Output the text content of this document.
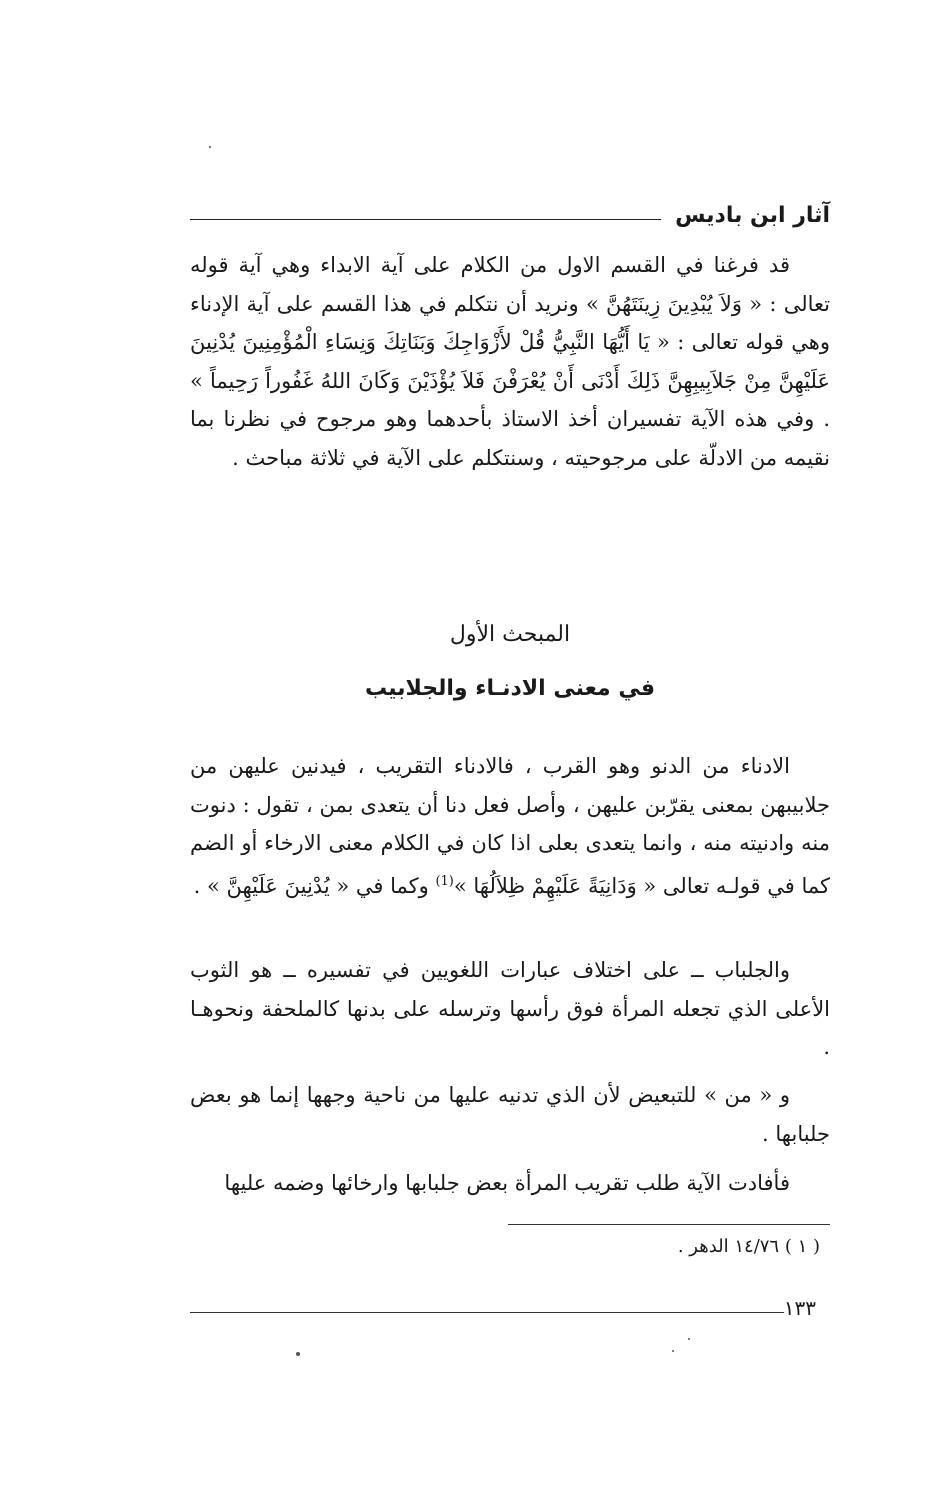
آثار ابن باديس

قد فرغنا في القسم الاول من الكلام على آية الابداء وهي آية قوله تعالى : « وَلاَ يُبْدِينَ زِينَتَهُنَّ » ونريد أن نتكلم في هذا القسم على آية الإدناء وهي قوله تعالى : « يَا أَيُّهَا النَّبِيُّ قُلْ لأَزْوَاجِكَ وَبَنَاتِكَ وَنِسَاءِ الْمُؤْمِنِينَ يُدْنِينَ عَلَيْهِنَّ مِنْ جَلاَبِيبِهِنَّ ذَلِكَ أَدْنَى أَنْ يُعْرَفْنَ فَلاَ يُؤْذَيْنَ وَكَانَ اللهُ غَفُوراً رَحِيماً » . وفي هذه الآية تفسيران أخذ الاستاذ بأحدهما وهو مرجوح في نظرنا بما نقيمه من الادلّة على مرجوحيته ، وسنتكلم على الآية في ثلاثة مباحث .

المبحث الأول
في معنى الادنـاء والجلابيب

الادناء من الدنو وهو القرب ، فالادناء التقريب ، فيدنين عليهن من جلابيبهن بمعنى يقرّبن عليهن ، وأصل فعل دنا أن يتعدى بمن ، تقول : دنوت منه وادنيته منه ، وانما يتعدى بعلى اذا كان في الكلام معنى الارخاء أو الضم كما في قولـه تعالى « وَدَانِيَةً عَلَيْهِمْ ظِلاَلُهَا »$^{(1)}$ وكما في « يُدْنِينَ عَلَيْهِنَّ » .

والجلباب ــ على اختلاف عبارات اللغويين في تفسيره ــ هو الثوب الأعلى الذي تجعله المرأة فوق رأسها وترسله على بدنها كالملحفة ونحوهـا .

و « من » للتبعيض لأن الذي تدنيه عليها من ناحية وجهها إنما هو بعض جلبابها .

فأفادت الآية طلب تقريب المرأة بعض جلبابها وارخائها وضمه عليها

( ١ ) ١٤/٧٦ الدهر .

١٣٣
